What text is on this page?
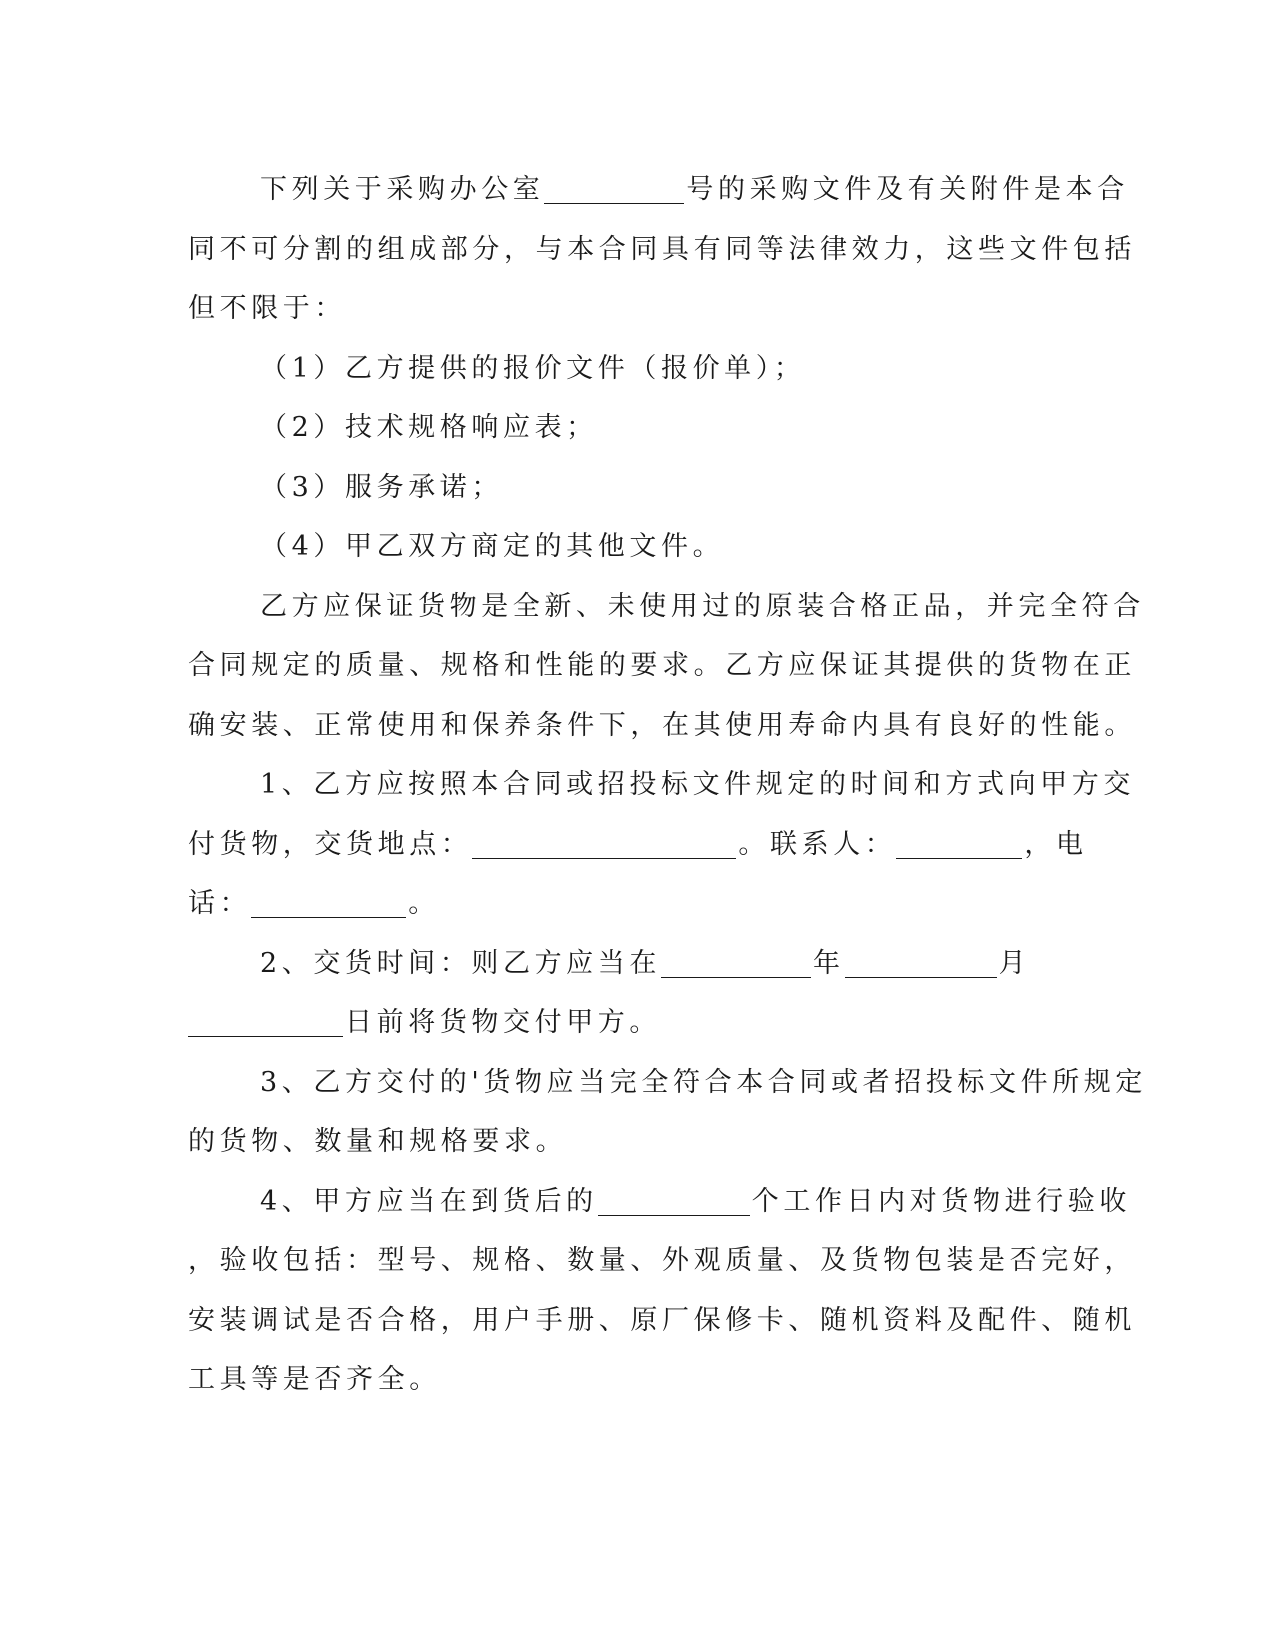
下列关于采购办公室	号的采购文件及有关附件是本合
同不可分割的组成部分，与本合同具有同等法律效力，这些文件包括
但不限于：
（1）乙方提供的报价文件（报价单）；
（2）技术规格响应表；
（3）服务承诺；
（4）甲乙双方商定的其他文件。
乙方应保证货物是全新、未使用过的原装合格正品，并完全符合
合同规定的质量、规格和性能的要求。乙方应保证其提供的货物在正
确安装、正常使用和保养条件下，在其使用寿命内具有良好的性能。
1、乙方应按照本合同或招投标文件规定的时间和方式向甲方交
付货物，交货地点：	。联系人：	，电
话：	。
2、交货时间：则乙方应当在	年	月
日前将货物交付甲方。
3、乙方交付的'货物应当完全符合本合同或者招投标文件所规定
的货物、数量和规格要求。
4、甲方应当在到货后的	个工作日内对货物进行验收
，验收包括：型号、规格、数量、外观质量、及货物包装是否完好，
安装调试是否合格，用户手册、原厂保修卡、随机资料及配件、随机
工具等是否齐全。
